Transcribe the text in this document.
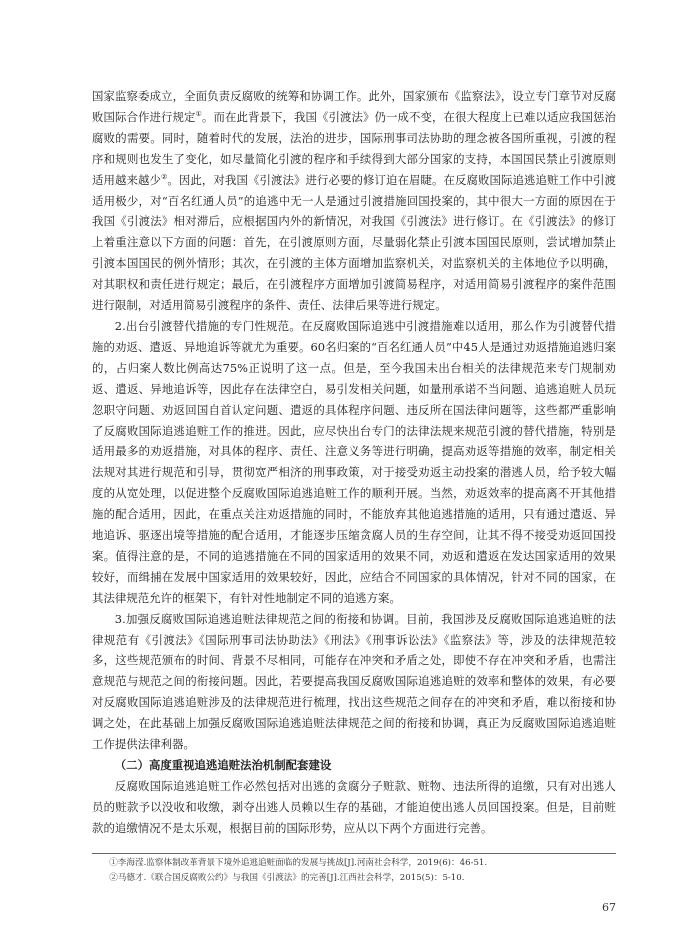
国家监察委成立，全面负责反腐败的统筹和协调工作。此外，国家颁布《监察法》，设立专门章节对反腐败国际合作进行规定①。而在此背景下，我国《引渡法》仍一成不变，在很大程度上已难以适应我国惩治腐败的需要。同时，随着时代的发展，法治的进步，国际刑事司法协助的理念被各国所重视，引渡的程序和规则也发生了变化，如尽量简化引渡的程序和手续得到大部分国家的支持，本国国民禁止引渡原则适用越来越少②。因此，对我国《引渡法》进行必要的修订迫在眉睫。在反腐败国际追逃追赃工作中引渡适用极少，对“百名红通人员”的追逃中无一人是通过引渡措施回国投案的，其中很大一方面的原因在于我国《引渡法》相对滞后，应根据国内外的新情况，对我国《引渡法》进行修订。在《引渡法》的修订上着重注意以下方面的问题：首先，在引渡原则方面，尽量弱化禁止引渡本国国民原则，尝试增加禁止引渡本国国民的例外情形；其次，在引渡的主体方面增加监察机关，对监察机关的主体地位予以明确，对其职权和责任进行规定；最后，在引渡程序方面增加引渡简易程序，对适用简易引渡程序的案件范围进行限制，对适用简易引渡程序的条件、责任、法律后果等进行规定。

2.出台引渡替代措施的专门性规范。在反腐败国际追逃中引渡措施难以适用，那么作为引渡替代措施的劝返、遣返、异地追诉等就尤为重要。60名归案的“百名红通人员”中45人是通过劝返措施追逃归案的，占归案人数比例高达75%正说明了这一点。但是，至今我国未出台相关的法律规范来专门规制劝返、遣返、异地追诉等，因此存在法律空白，易引发相关问题，如量刑承诺不当问题、追逃追赃人员玩忽职守问题、劝返回国自首认定问题、遣返的具体程序问题、违反所在国法律问题等，这些都严重影响了反腐败国际追逃追赃工作的推进。因此，应尽快出台专门的法律法规来规范引渡的替代措施，特别是适用最多的劝返措施，对具体的程序、责任、注意义务等进行明确，提高劝返等措施的效率，制定相关法规对其进行规范和引导，贯彻宽严相济的刑事政策，对于接受劝返主动投案的潜逃人员，给予较大幅度的从宽处理，以促进整个反腐败国际追逃追赃工作的顺利开展。当然，劝返效率的提高离不开其他措施的配合适用，因此，在重点关注劝返措施的同时，不能放弃其他追逃措施的适用，只有通过遣返、异地追诉、驱逐出境等措施的配合适用，才能逐步压缩贪腐人员的生存空间，让其不得不接受劝返回国投案。值得注意的是，不同的追逃措施在不同的国家适用的效果不同，劝返和遣返在发达国家适用的效果较好，而缉捕在发展中国家适用的效果较好，因此，应结合不同国家的具体情况，针对不同的国家，在其法律规范允许的框架下，有针对性地制定不同的追逃方案。

3.加强反腐败国际追逃追赃法律规范之间的衔接和协调。目前，我国涉及反腐败国际追逃追赃的法律规范有《引渡法》《国际刑事司法协助法》《刑法》《刑事诉讼法》《监察法》等，涉及的法律规范较多，这些规范颁布的时间、背景不尽相同，可能存在冲突和矛盾之处，即使不存在冲突和矛盾，也需注意规范与规范之间的衔接问题。因此，若要提高我国反腐败国际追逃追赃的效率和整体的效果，有必要对反腐败国际追逃追赃涉及的法律规范进行梳理，找出这些规范之间存在的冲突和矛盾，难以衔接和协调之处，在此基础上加强反腐败国际追逃追赃法律规范之间的衔接和协调，真正为反腐败国际追逃追赃工作提供法律利器。

（二）高度重视追逃追赃法治机制配套建设

反腐败国际追逃追赃工作必然包括对出逃的贪腐分子赃款、赃物、违法所得的追缴，只有对出逃人员的赃款予以没收和收缴，剥夺出逃人员赖以生存的基础，才能迫使出逃人员回国投案。但是，目前赃款的追缴情况不是太乐观，根据目前的国际形势，应从以下两个方面进行完善。

①李海滢.监察体制改革背景下境外追逃追赃面临的发展与挑战[J].河南社会科学，2019(6)：46-51.

②马德才.《联合国反腐败公约》与我国《引渡法》的完善[J].江西社会科学，2015(5)：5-10.

67
